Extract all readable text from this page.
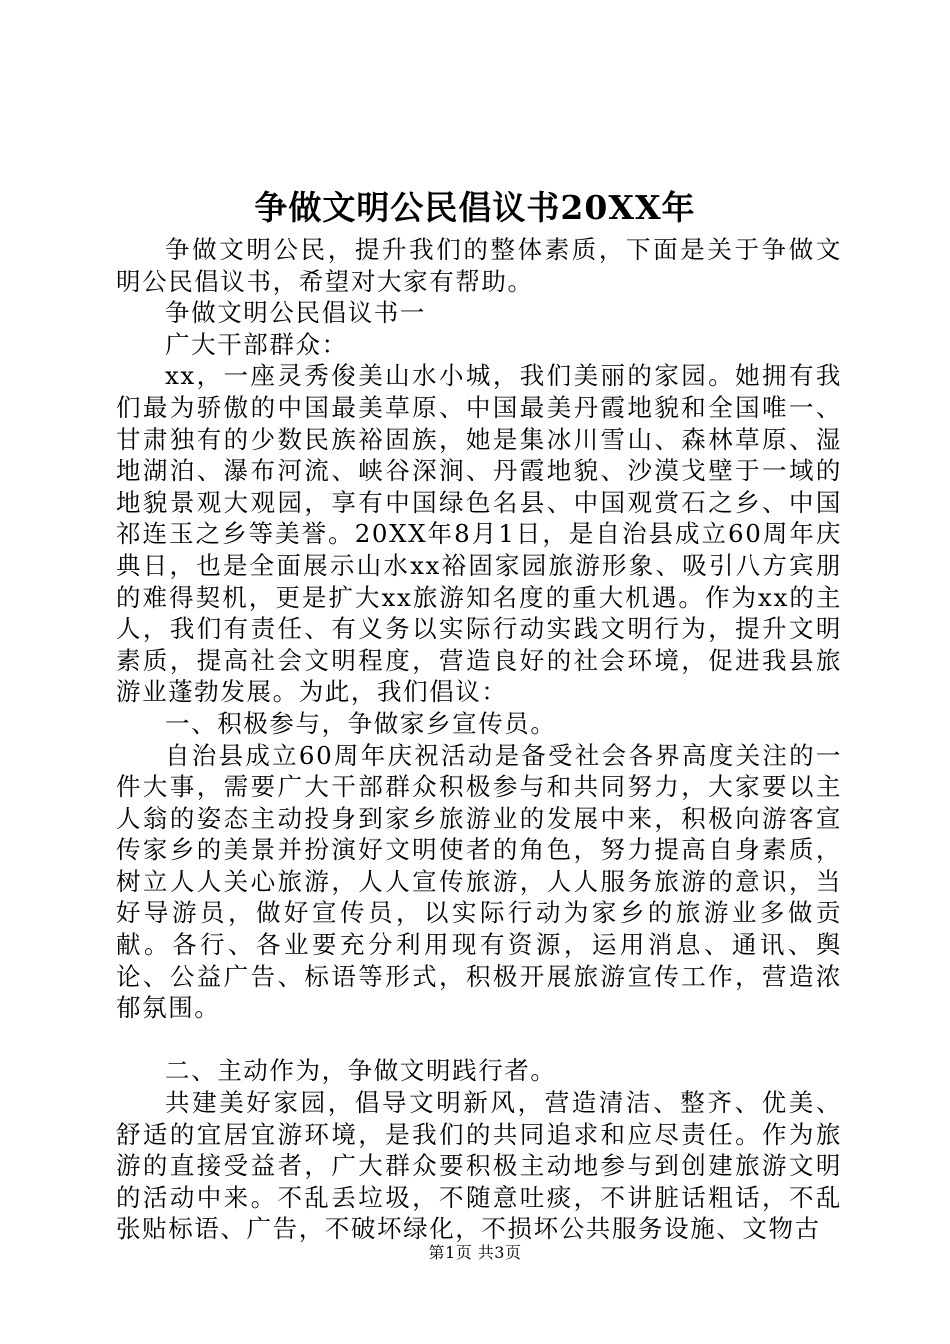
争做文明公民倡议书20XX年

争做文明公民，提升我们的整体素质，下面是关于争做文明公民倡议书，希望对大家有帮助。

争做文明公民倡议书一

广大干部群众：

xx，一座灵秀俊美山水小城，我们美丽的家园。她拥有我们最为骄傲的中国最美草原、中国最美丹霞地貌和全国唯一、甘肃独有的少数民族裕固族，她是集冰川雪山、森林草原、湿地湖泊、瀑布河流、峡谷深涧、丹霞地貌、沙漠戈壁于一域的地貌景观大观园，享有中国绿色名县、中国观赏石之乡、中国祁连玉之乡等美誉。20XX年8月1日，是自治县成立60周年庆典日，也是全面展示山水xx裕固家园旅游形象、吸引八方宾朋的难得契机，更是扩大xx旅游知名度的重大机遇。作为xx的主人，我们有责任、有义务以实际行动实践文明行为，提升文明素质，提高社会文明程度，营造良好的社会环境，促进我县旅游业蓬勃发展。为此，我们倡议：

一、积极参与，争做家乡宣传员。

自治县成立60周年庆祝活动是备受社会各界高度关注的一件大事，需要广大干部群众积极参与和共同努力，大家要以主人翁的姿态主动投身到家乡旅游业的发展中来，积极向游客宣传家乡的美景并扮演好文明使者的角色，努力提高自身素质，树立人人关心旅游，人人宣传旅游，人人服务旅游的意识，当好导游员，做好宣传员，以实际行动为家乡的旅游业多做贡献。各行、各业要充分利用现有资源，运用消息、通讯、舆论、公益广告、标语等形式，积极开展旅游宣传工作，营造浓郁氛围。

二、主动作为，争做文明践行者。

共建美好家园，倡导文明新风，营造清洁、整齐、优美、舒适的宜居宜游环境，是我们的共同追求和应尽责任。作为旅游的直接受益者，广大群众要积极主动地参与到创建旅游文明的活动中来。不乱丢垃圾，不随意吐痰，不讲脏话粗话，不乱张贴标语、广告，不破坏绿化，不损坏公共服务设施、文物古

第1页 共3页
